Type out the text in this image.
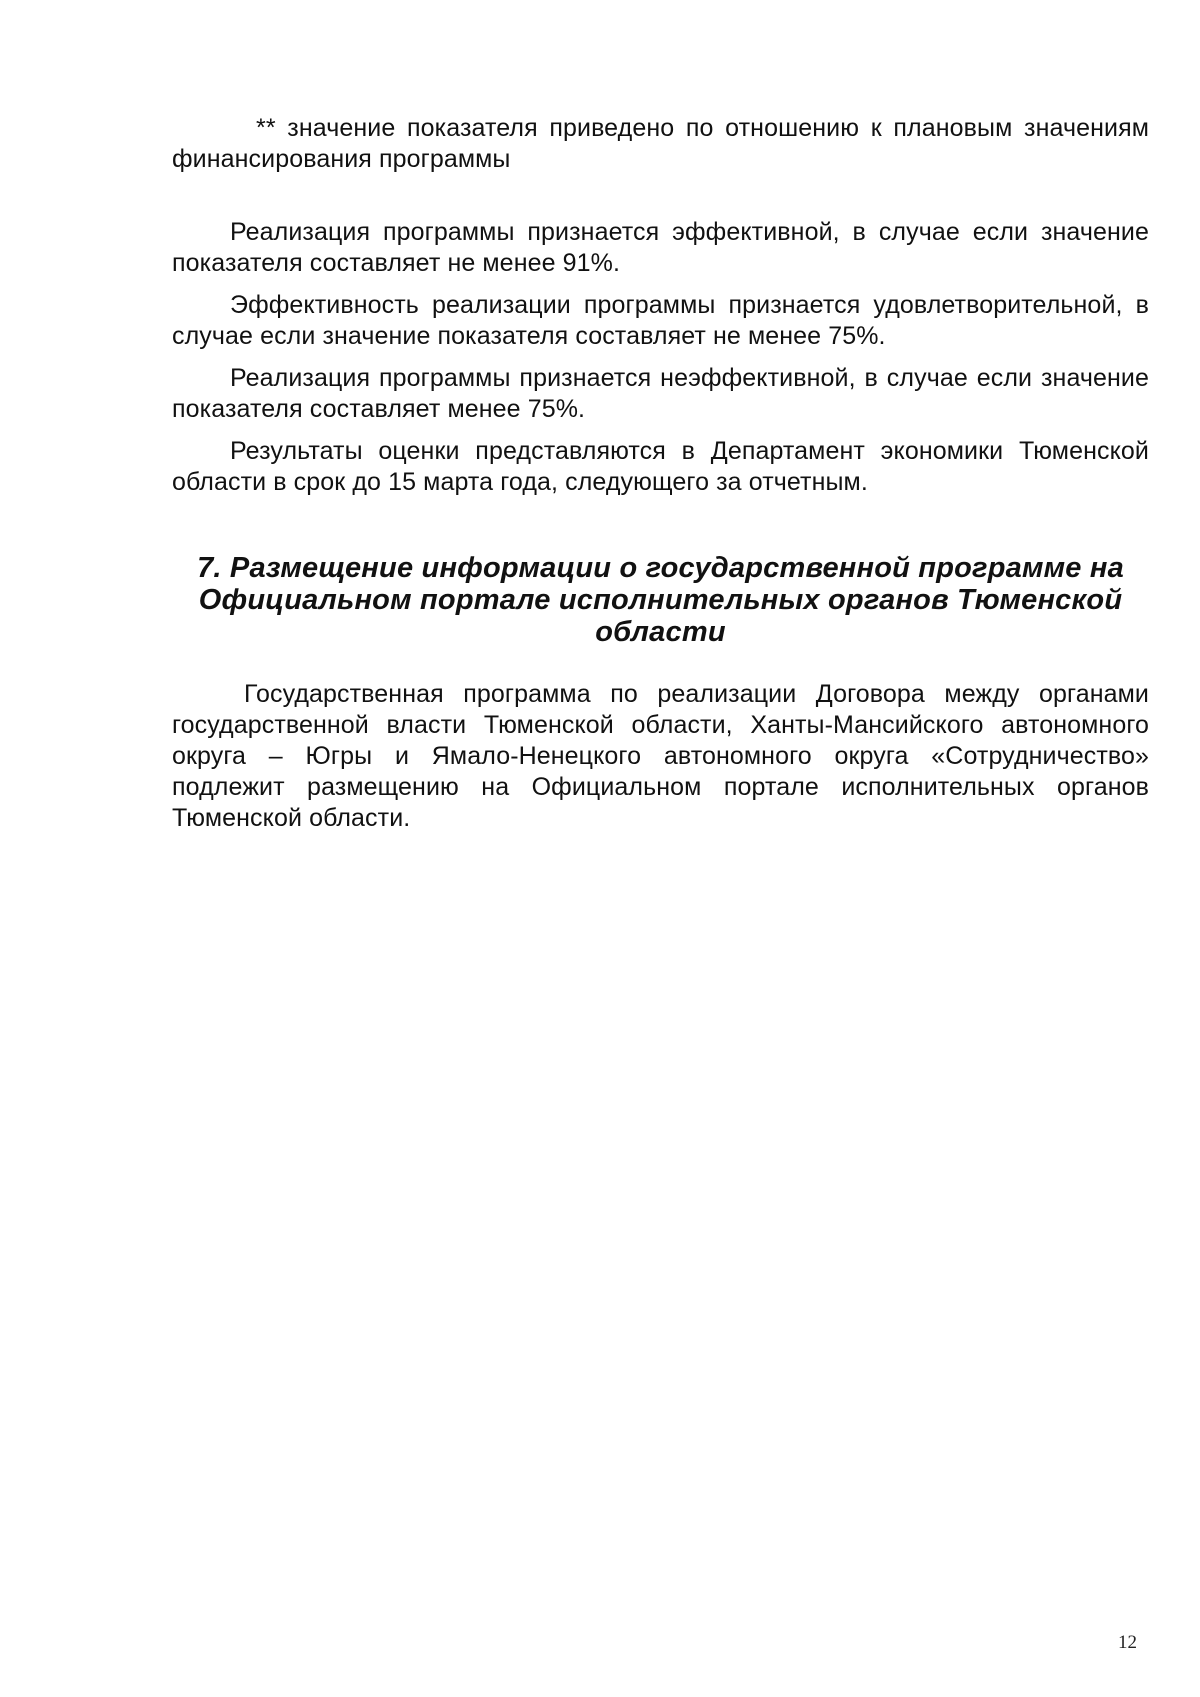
** значение показателя приведено по отношению к плановым значениям финансирования программы

Реализация программы признается эффективной, в случае если значение показателя составляет не менее 91%.

Эффективность реализации программы признается удовлетворительной, в случае если значение показателя составляет не менее 75%.

Реализация программы признается неэффективной, в случае если значение показателя составляет менее 75%.

Результаты оценки представляются в Департамент экономики Тюменской области в срок до 15 марта года, следующего за отчетным.

7. Размещение информации о государственной программе на Официальном портале исполнительных органов Тюменской области

Государственная программа по реализации Договора между органами государственной власти Тюменской области, Ханты-Мансийского автономного округа – Югры и Ямало-Ненецкого автономного округа «Сотрудничество» подлежит размещению на Официальном портале исполнительных органов Тюменской области.

12
